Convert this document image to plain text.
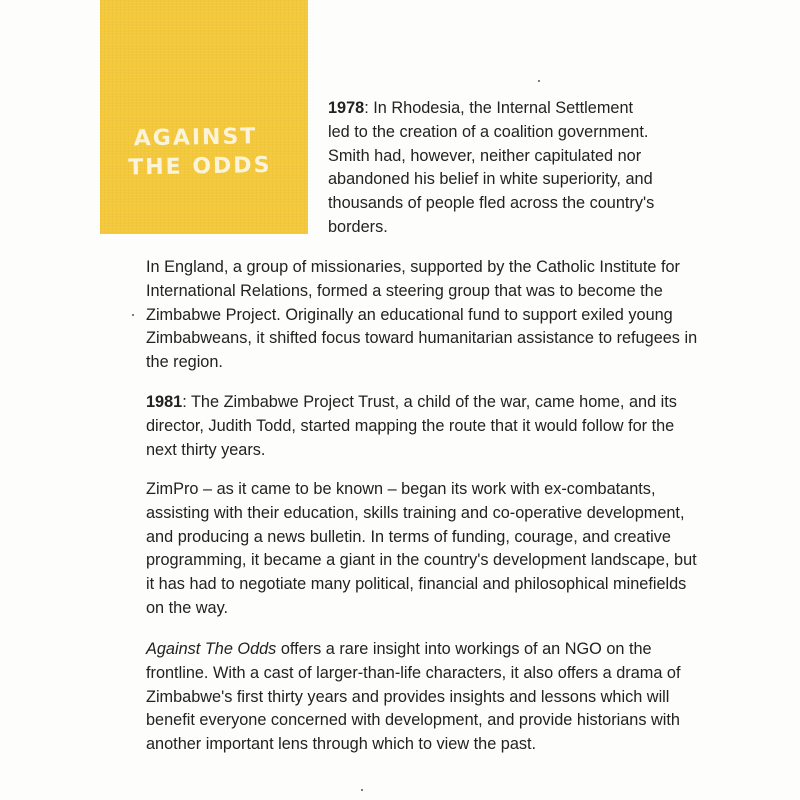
AGAINST
THE ODDS

1978: In Rhodesia, the Internal Settlement led to the creation of a coalition government. Smith had, however, neither capitulated nor abandoned his belief in white superiority, and thousands of people fled across the country's borders.

In England, a group of missionaries, supported by the Catholic Institute for International Relations, formed a steering group that was to become the Zimbabwe Project. Originally an educational fund to support exiled young Zimbabweans, it shifted focus toward humanitarian assistance to refugees in the region.

1981: The Zimbabwe Project Trust, a child of the war, came home, and its director, Judith Todd, started mapping the route that it would follow for the next thirty years.

ZimPro – as it came to be known – began its work with ex-combatants, assisting with their education, skills training and co-operative development, and producing a news bulletin. In terms of funding, courage, and creative programming, it became a giant in the country's development landscape, but it has had to negotiate many political, financial and philosophical minefields on the way.

Against The Odds offers a rare insight into workings of an NGO on the frontline. With a cast of larger-than-life characters, it also offers a drama of Zimbabwe's first thirty years and provides insights and lessons which will benefit everyone concerned with development, and provide historians with another important lens through which to view the past.
